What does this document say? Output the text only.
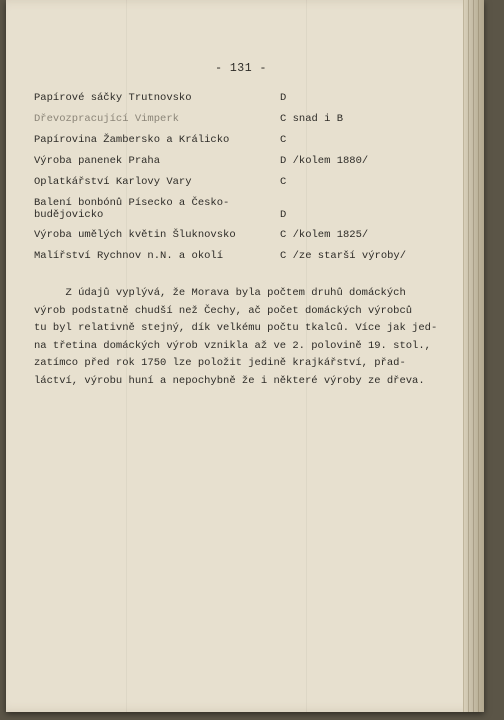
- 131 -
Papírové sáčky Trutnovsko	D
Dřevozpracující Vimperk	C snad i B
Papírovina Žambersko a Králicko	C
Výroba panenek Praha	D /kolem 1880/
Oplatkářství Karlovy Vary	C
Balení bonbónů Písecko a Česko-
budějovicko	D
Výroba umělých květin Šluknovsko	C /kolem 1825/
Malířství Rychnov n.N. a okolí	C /ze starší výroby/
Z údajů vyplývá, že Morava byla počtem druhů domáckých
výrob podstatně chudší než Čechy, ač počet domáckých výrobců
tu byl relativně stejný, dík velkému počtu tkalců. Více jak jed-
na třetina domáckých výrob vznikla až ve 2. polovině 19. stol.,
zatímco před rok 1750 lze položit jedině krajkářství, přad-
láctví, výrobu huní a nepochybně že i některé výroby ze dřeva.
